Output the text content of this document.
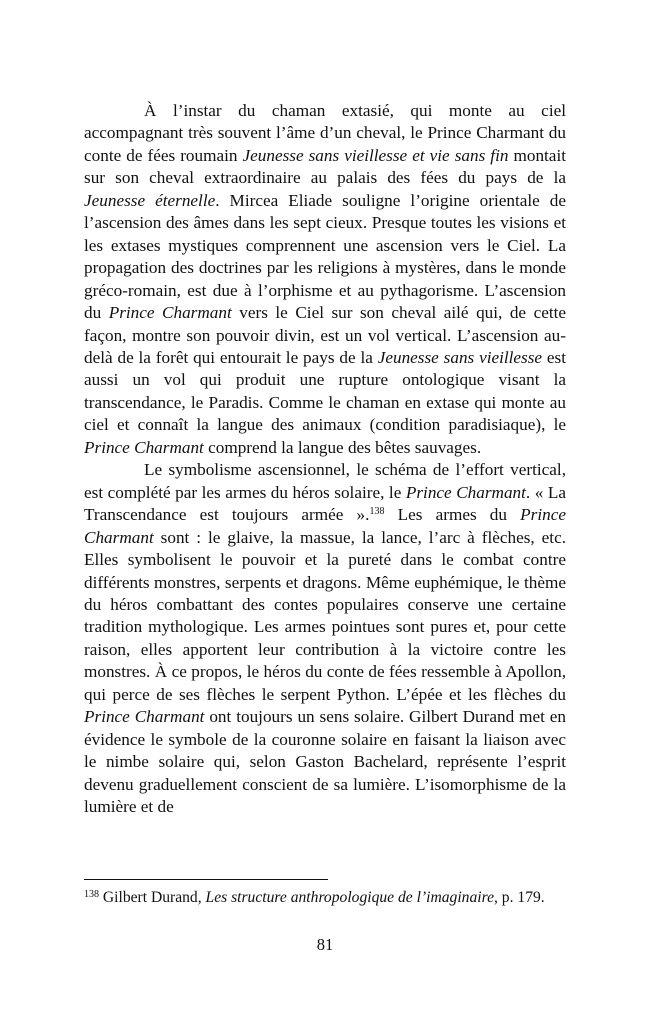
À l’instar du chaman extasié, qui monte au ciel accompagnant très souvent l’âme d’un cheval, le Prince Charmant du conte de fées roumain Jeunesse sans vieillesse et vie sans fin montait sur son cheval extraordinaire au palais des fées du pays de la Jeunesse éternelle. Mircea Eliade souligne l’origine orientale de l’ascension des âmes dans les sept cieux. Presque toutes les visions et les extases mystiques comprennent une ascension vers le Ciel. La propagation des doctrines par les religions à mystères, dans le monde gréco-romain, est due à l’orphisme et au pythagorisme. L’ascension du Prince Charmant vers le Ciel sur son cheval ailé qui, de cette façon, montre son pouvoir divin, est un vol vertical. L’ascension au-delà de la forêt qui entourait le pays de la Jeunesse sans vieillesse est aussi un vol qui produit une rupture ontologique visant la transcendance, le Paradis. Comme le chaman en extase qui monte au ciel et connaît la langue des animaux (condition paradisiaque), le Prince Charmant comprend la langue des bêtes sauvages.

Le symbolisme ascensionnel, le schéma de l’effort vertical, est complété par les armes du héros solaire, le Prince Charmant. « La Transcendance est toujours armée ».$^{138}$ Les armes du Prince Charmant sont : le glaive, la massue, la lance, l’arc à flèches, etc. Elles symbolisent le pouvoir et la pureté dans le combat contre différents monstres, serpents et dragons. Même euphémique, le thème du héros combattant des contes populaires conserve une certaine tradition mythologique. Les armes pointues sont pures et, pour cette raison, elles apportent leur contribution à la victoire contre les monstres. À ce propos, le héros du conte de fées ressemble à Apollon, qui perce de ses flèches le serpent Python. L’épée et les flèches du Prince Charmant ont toujours un sens solaire. Gilbert Durand met en évidence le symbole de la couronne solaire en faisant la liaison avec le nimbe solaire qui, selon Gaston Bachelard, représente l’esprit devenu graduellement conscient de sa lumière. L’isomorphisme de la lumière et de

$^{138}$ Gilbert Durand, Les structure anthropologique de l’imaginaire, p. 179.
81
